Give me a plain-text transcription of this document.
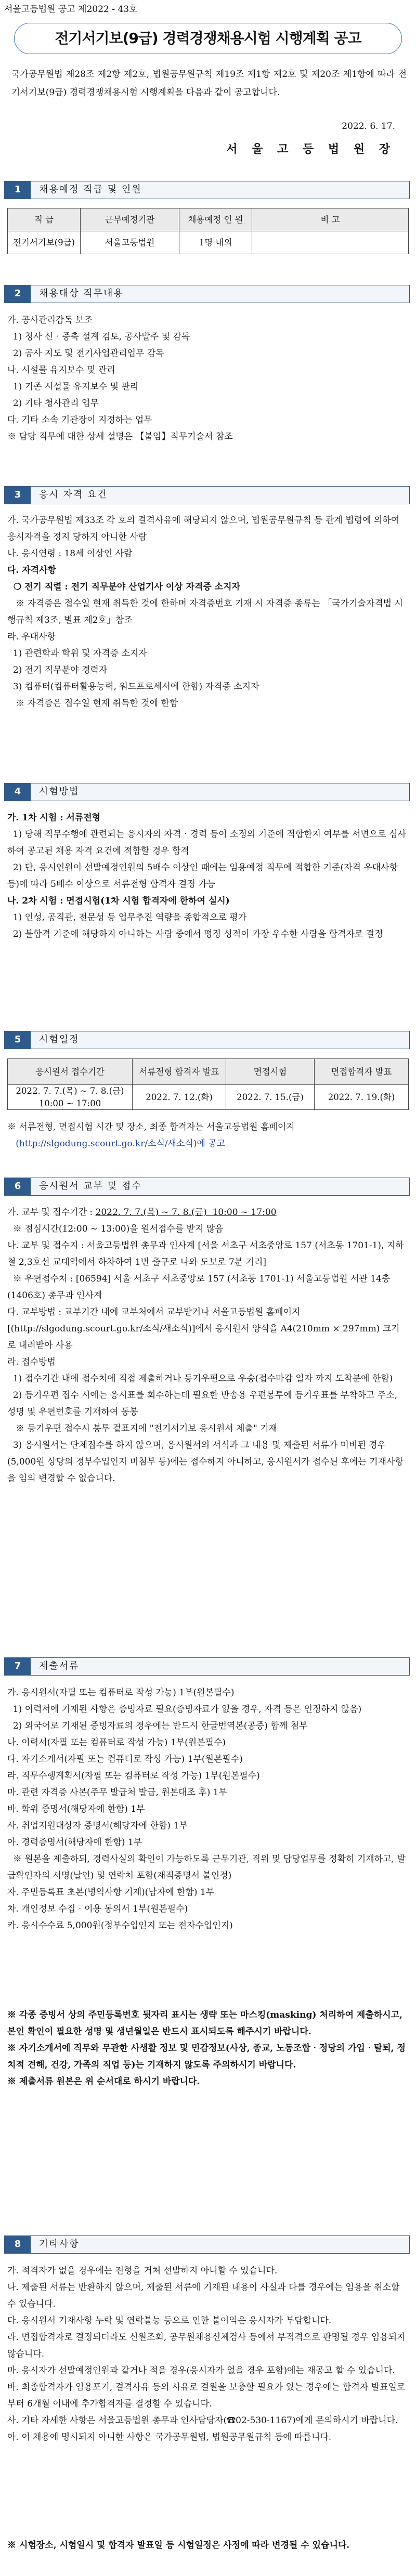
서울고등법원 공고 제2022 - 43호
전기서기보(9급) 경력경쟁채용시험 시행계획 공고
국가공무원법 제28조 제2항 제2호, 법원공무원규칙 제19조 제1항 제2호 및 제20조 제1항에 따라 전기서기보(9급) 경력경쟁채용시험 시행계획을 다음과 같이 공고합니다.
2022. 6. 17.
서 울 고 등 법 원 장
1	채용예정 직급 및 인원
직 급	근무예정기관	채용예정 인 원	비 고
전기서기보(9급)	서울고등법원	1명 내외	
2	채용대상 직무내용
가. 공사관리감독 보조
1) 청사 신‧증축 설계 검토, 공사발주 및 감독
2) 공사 지도 및 전기사업관리업무 감독
나. 시설물 유지보수 및 관리
1) 기존 시설물 유지보수 및 관리
2) 기타 청사관리 업무
다. 기타 소속 기관장이 지정하는 업무
※ 담당 직무에 대한 상세 설명은 【붙임】직무기술서 참조
3	응시 자격 요건
가. 국가공무원법 제33조 각 호의 결격사유에 해당되지 않으며, 법원공무원규칙 등 관계 법령에 의하여 응시자격을 정지 당하지 아니한 사람
나. 응시연령 : 18세 이상인 사람
다. 자격사항
❍ 전기 직렬 : 전기 직무분야 산업기사 이상 자격증 소지자
※ 자격증은 접수일 현재 취득한 것에 한하며 자격증번호 기재 시 자격증 종류는 「국가기술자격법 시행규칙 제3조, 별표 제2호」참조
라. 우대사항
1) 관련학과 학위 및 자격증 소지자
2) 전기 직무분야 경력자
3) 컴퓨터(컴퓨터활용능력, 워드프로세서에 한함) 자격증 소지자
※ 자격증은 접수일 현재 취득한 것에 한함
4	시험방법
가. 1차 시험 : 서류전형
1) 당해 직무수행에 관련되는 응시자의 자격‧경력 등이 소정의 기준에 적합한지 여부를 서면으로 심사하여 공고된 채용 자격 요건에 적합할 경우 합격
2) 단, 응시인원이 선발예정인원의 5배수 이상인 때에는 임용예정 직무에 적합한 기준(자격 우대사항 등)에 따라 5배수 이상으로 서류전형 합격자 결정 가능
나. 2차 시험 : 면접시험(1차 시험 합격자에 한하여 실시)
1) 인성, 공직관, 전문성 등 업무추진 역량을 종합적으로 평가
2) 불합격 기준에 해당하지 아니하는 사람 중에서 평정 성적이 가장 우수한 사람을 합격자로 결정
5	시험일정
응시원서 접수기간	서류전형 합격자 발표	면접시험	면접합격자 발표
2022. 7. 7.(목) ~ 7. 8.(금) 10:00 ~ 17:00	2022. 7. 12.(화)	2022. 7. 15.(금)	2022. 7. 19.(화)
※ 서류전형, 면접시험 시간 및 장소, 최종 합격자는 서울고등법원 홈페이지
(http://slgodung.scourt.go.kr/소식/새소식)에 공고
6	응시원서 교부 및 접수
가. 교부 및 접수기간 : 2022. 7. 7.(목) ~ 7. 8.(금)  10:00 ~ 17:00
※ 점심시간(12:00 ~ 13:00)을 원서접수를 받지 않음
나. 교부 및 접수지 : 서울고등법원 총무과 인사계 [서울 서초구 서초중앙로 157 (서초동 1701-1), 지하철 2,3호선 교대역에서 하차하여 1번 출구로 나와 도보로 7분 거리]
※ 우편접수처 : [06594] 서울 서초구 서초중앙로 157 (서초동 1701-1) 서울고등법원 서관 14층(1406호) 총무과 인사계
다. 교부방법 : 교부기간 내에 교부처에서 교부받거나 서울고등법원 홈페이지 [(http://slgodung.scourt.go.kr/소식/새소식)]에서 응시원서 양식을 A4(210mm × 297mm) 크기로 내려받아 사용
라. 접수방법
1) 접수기간 내에 접수처에 직접 제출하거나 등기우편으로 우송(접수마감 일자 까지 도착분에 한함)
2) 등기우편 접수 시에는 응시표를 회수하는데 필요한 반송용 우편봉투에 등기우표를 부착하고 주소, 성명 및 우편번호를 기재하여 동봉
※ 등기우편 접수시 봉투 겉표지에 "전기서기보 응시원서 제출" 기재
3) 응시원서는 단체접수를 하지 않으며, 응시원서의 서식과 그 내용 및 제출된 서류가 미비된 경우(5,000원 상당의 정부수입인지 미첨부 등)에는 접수하지 아니하고, 응시원서가 접수된 후에는 기재사항을 임의 변경할 수 없습니다.
7	제출서류
가. 응시원서(자필 또는 컴퓨터로 작성 가능) 1부(원본필수)
1) 이력서에 기재된 사항은 증빙자료 필요(증빙자료가 없을 경우, 자격 등은 인정하지 않음)
2) 외국어로 기재된 증빙자료의 경우에는 반드시 한글번역본(공증) 함께 첨부
나. 이력서(자필 또는 컴퓨터로 작성 가능) 1부(원본필수)
다. 자기소개서(자필 또는 컴퓨터로 작성 가능) 1부(원본필수)
라. 직무수행계획서(자필 또는 컴퓨터로 작성 가능) 1부(원본필수)
마. 관련 자격증 사본(주무 발급처 발급, 원본대조 후) 1부
바. 학위 증명서(해당자에 한함) 1부
사. 취업지원대상자 증명서(해당자에 한함) 1부
아. 경력증명서(해당자에 한함) 1부
※ 원본을 제출하되, 경력사실의 확인이 가능하도록 근무기관, 직위 및 담당업무를 정확히 기재하고, 발급확인자의 서명(날인) 및 연락처 포함(재직증명서 불인정)
자. 주민등록표 초본(병역사항 기재)(남자에 한함) 1부
차. 개인정보 수집‧이용 동의서 1부(원본필수)
카. 응시수수료 5,000원(정부수입인지 또는 전자수입인지)
※ 각종 증빙서 상의 주민등록번호 뒷자리 표시는 생략 또는 마스킹(masking) 처리하여 제출하시고, 본인 확인이 필요한 성명 및 생년월일은 반드시 표시되도록 해주시기 바랍니다.
※ 자기소개서에 직무와 무관한 사생활 정보 및 민감정보(사상, 종교, 노동조합‧정당의 가입‧탈퇴, 정치적 견해, 건강, 가족의 직업 등)는 기재하지 않도록 주의하시기 바랍니다.
※ 제출서류 원본은 위 순서대로 하시기 바랍니다.
8	기타사항
가. 적격자가 없을 경우에는 전형을 거쳐 선발하지 아니할 수 있습니다.
나. 제출된 서류는 반환하지 않으며, 제출된 서류에 기재된 내용이 사실과 다를 경우에는 임용을 취소할 수 있습니다.
다. 응시원서 기재사항 누락 및 연락불능 등으로 인한 불이익은 응시자가 부담합니다.
라. 면접합격자로 결정되더라도 신원조회, 공무원채용신체검사 등에서 부적격으로 판명될 경우 임용되지 않습니다.
마. 응시자가 선발예정인원과 같거나 적을 경우(응시자가 없을 경우 포함)에는 재공고 할 수 있습니다.
바. 최종합격자가 임용포기, 결격사유 등의 사유로 결원을 보충할 필요가 있는 경우에는 합격자 발표일로부터 6개월 이내에 추가합격자를 결정할 수 있습니다.
사. 기타 자세한 사항은 서울고등법원 총무과 인사담당자(☎02-530-1167)에게 문의하시기 바랍니다.
아. 이 채용에 명시되지 아니한 사항은 국가공무원법, 법원공무원규칙 등에 따릅니다.
※ 시험장소, 시험일시 및 합격자 발표일 등 시험일정은 사정에 따라 변경될 수 있습니다.
